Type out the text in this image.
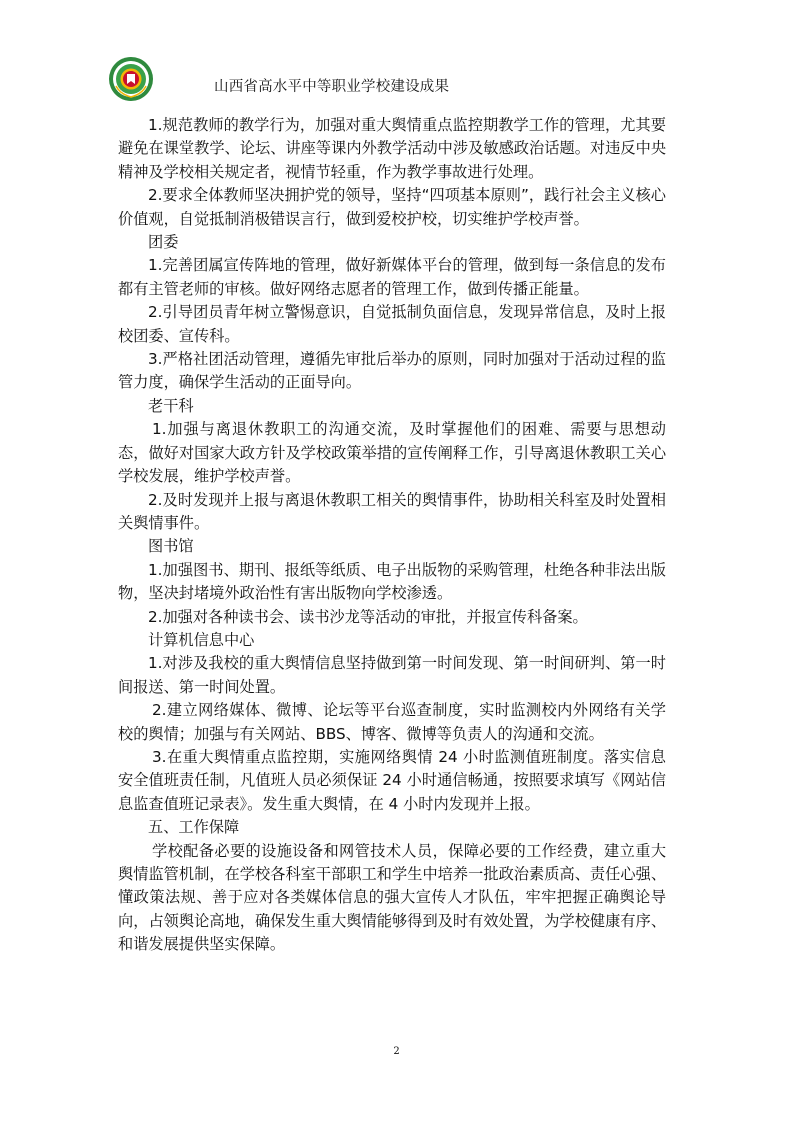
山西省高水平中等职业学校建设成果

1.规范教师的教学行为，加强对重大舆情重点监控期教学工作的管理，尤其要避免在课堂教学、论坛、讲座等课内外教学活动中涉及敏感政治话题。对违反中央精神及学校相关规定者，视情节轻重，作为教学事故进行处理。

2.要求全体教师坚决拥护党的领导，坚持“四项基本原则”，践行社会主义核心价值观，自觉抵制消极错误言行，做到爱校护校，切实维护学校声誉。

团委

1.完善团属宣传阵地的管理，做好新媒体平台的管理，做到每一条信息的发布都有主管老师的审核。做好网络志愿者的管理工作，做到传播正能量。

2.引导团员青年树立警惕意识，自觉抵制负面信息，发现异常信息，及时上报校团委、宣传科。

3.严格社团活动管理，遵循先审批后举办的原则，同时加强对于活动过程的监管力度，确保学生活动的正面导向。

老干科

1.加强与离退休教职工的沟通交流，及时掌握他们的困难、需要与思想动态，做好对国家大政方针及学校政策举措的宣传阐释工作，引导离退休教职工关心学校发展，维护学校声誉。

2.及时发现并上报与离退休教职工相关的舆情事件，协助相关科室及时处置相关舆情事件。

图书馆

1.加强图书、期刊、报纸等纸质、电子出版物的采购管理，杜绝各种非法出版物，坚决封堵境外政治性有害出版物向学校渗透。

2.加强对各种读书会、读书沙龙等活动的审批，并报宣传科备案。

计算机信息中心

1.对涉及我校的重大舆情信息坚持做到第一时间发现、第一时间研判、第一时间报送、第一时间处置。

2.建立网络媒体、微博、论坛等平台巡查制度，实时监测校内外网络有关学校的舆情；加强与有关网站、BBS、博客、微博等负责人的沟通和交流。

3.在重大舆情重点监控期，实施网络舆情 24 小时监测值班制度。落实信息安全值班责任制，凡值班人员必须保证 24 小时通信畅通，按照要求填写《网站信息监查值班记录表》。发生重大舆情，在 4 小时内发现并上报。

五、工作保障

学校配备必要的设施设备和网管技术人员，保障必要的工作经费，建立重大舆情监管机制，在学校各科室干部职工和学生中培养一批政治素质高、责任心强、懂政策法规、善于应对各类媒体信息的强大宣传人才队伍，牢牢把握正确舆论导向，占领舆论高地，确保发生重大舆情能够得到及时有效处置，为学校健康有序、和谐发展提供坚实保障。

2
